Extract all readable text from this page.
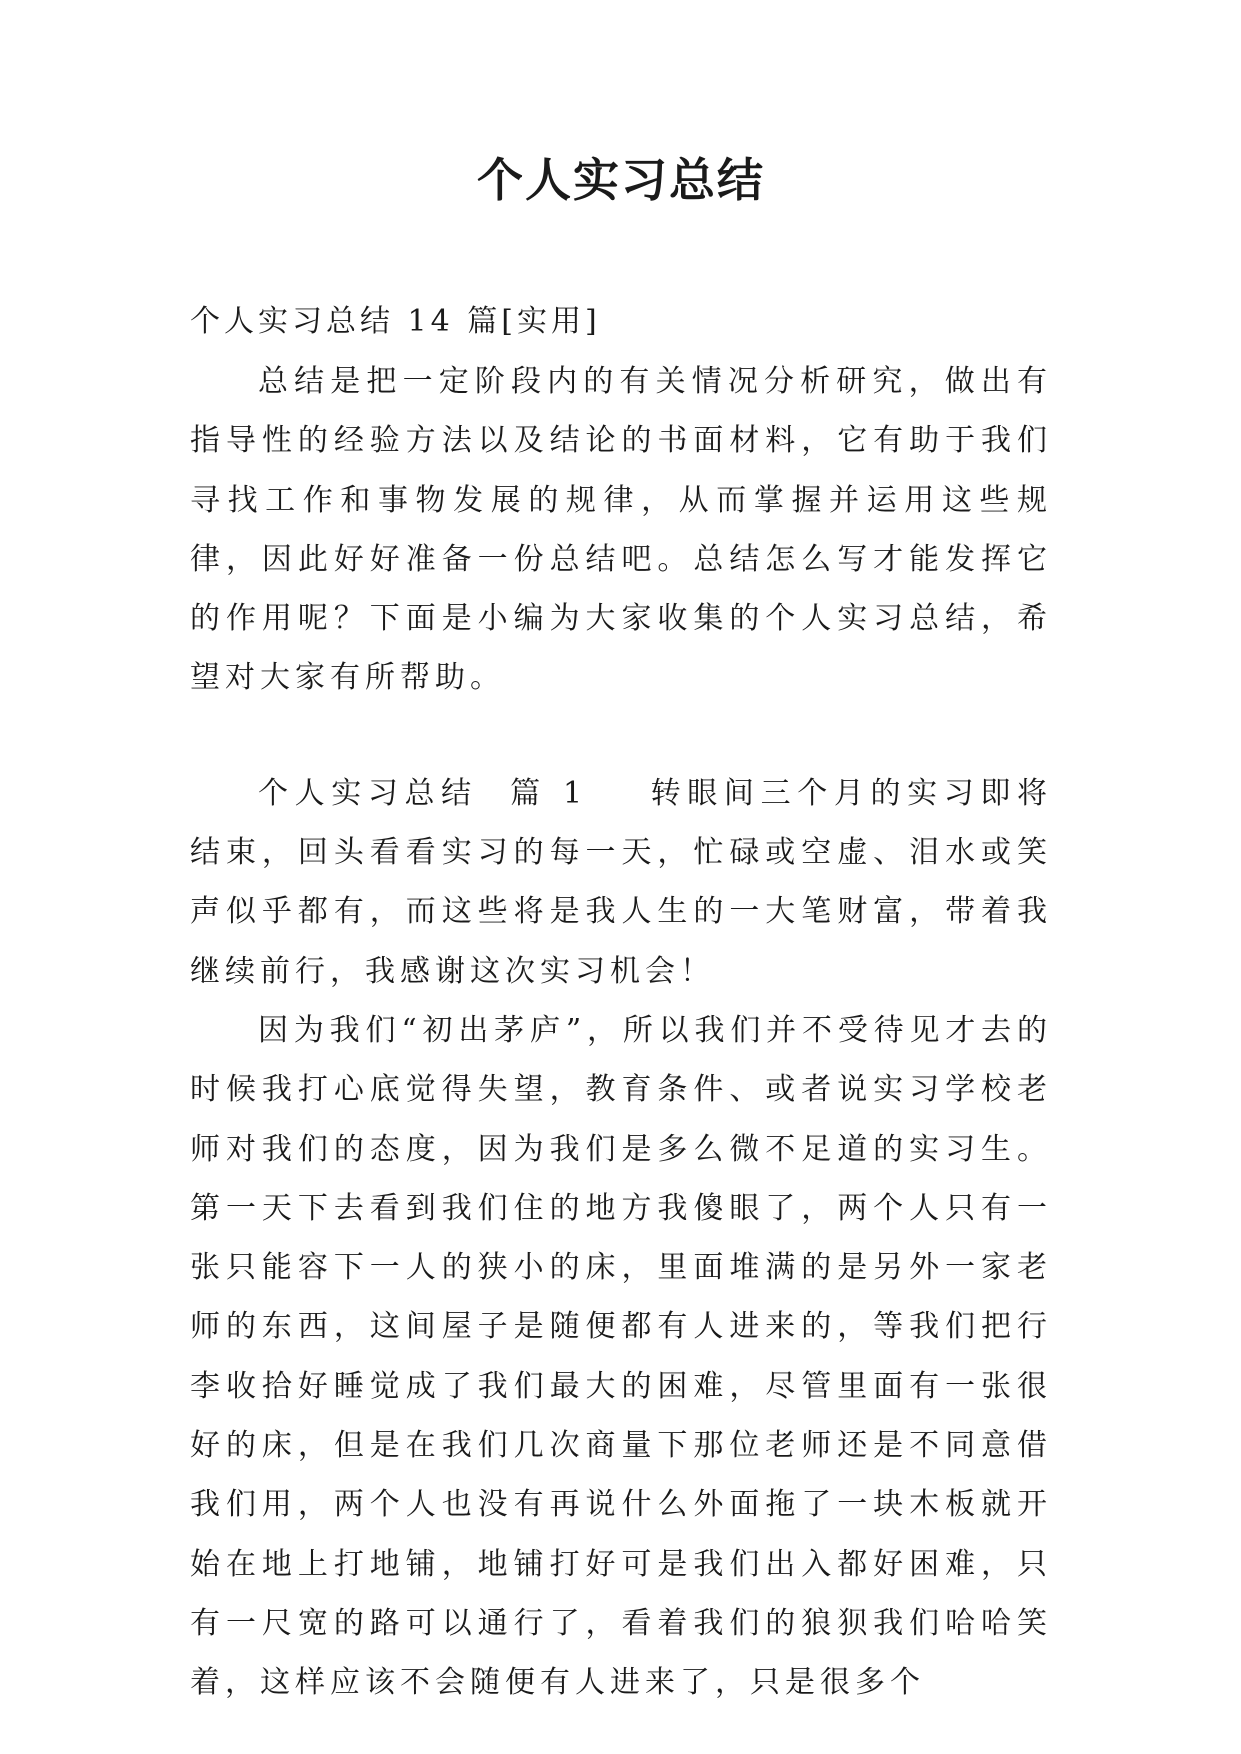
个人实习总结
个人实习总结 14 篇[实用]

总结是把一定阶段内的有关情况分析研究，做出有指导性的经验方法以及结论的书面材料，它有助于我们寻找工作和事物发展的规律，从而掌握并运用这些规律，因此好好准备一份总结吧。总结怎么写才能发挥它的作用呢？下面是小编为大家收集的个人实习总结，希望对大家有所帮助。

个人实习总结  篇 1 转眼间三个月的实习即将结束，回头看看实习的每一天，忙碌或空虚、泪水或笑声似乎都有，而这些将是我人生的一大笔财富，带着我继续前行，我感谢这次实习机会！

因为我们“初出茅庐”，所以我们并不受待见才去的时候我打心底觉得失望，教育条件、或者说实习学校老师对我们的态度，因为我们是多么微不足道的实习生。第一天下去看到我们住的地方我傻眼了，两个人只有一张只能容下一人的狭小的床，里面堆满的是另外一家老师的东西，这间屋子是随便都有人进来的，等我们把行李收拾好睡觉成了我们最大的困难，尽管里面有一张很好的床，但是在我们几次商量下那位老师还是不同意借我们用，两个人也没有再说什么外面拖了一块木板就开始在地上打地铺，地铺打好可是我们出入都好困难，只有一尺宽的路可以通行了，看着我们的狼狈我们哈哈笑着，这样应该不会随便有人进来了，只是很多个
